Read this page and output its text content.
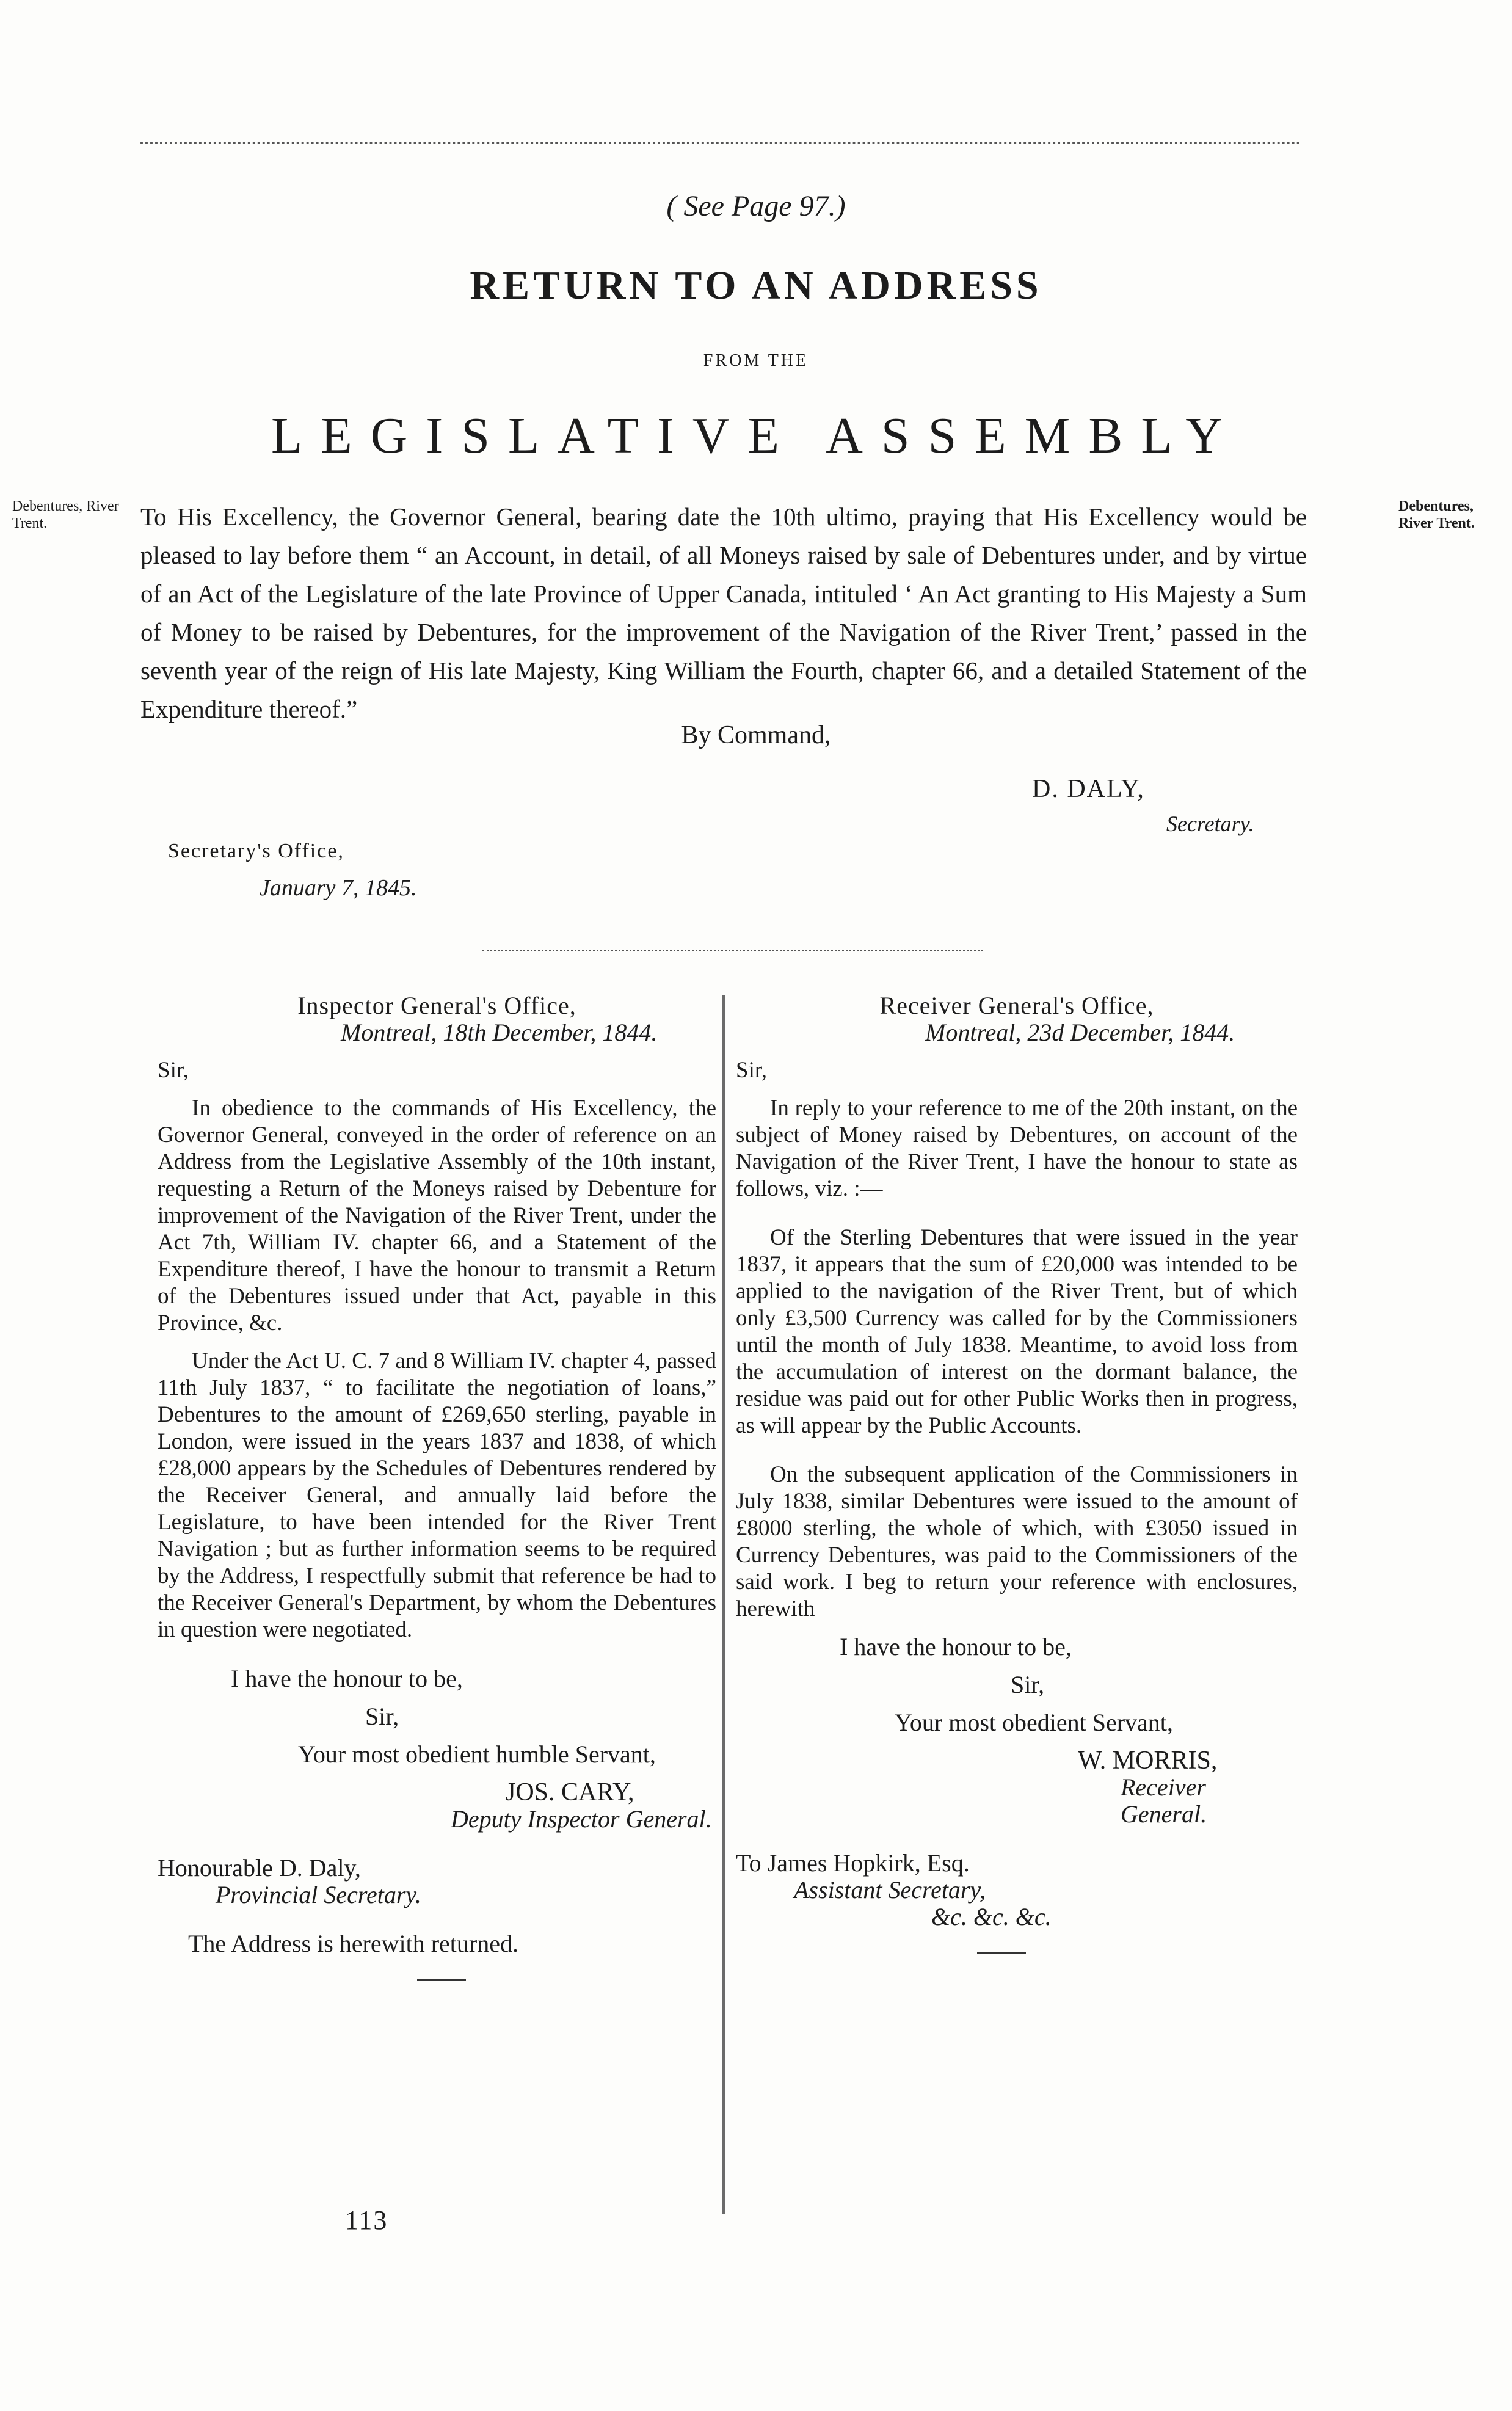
( See Page 97.)
RETURN TO AN ADDRESS
FROM THE
LEGISLATIVE ASSEMBLY
Debentures, River Trent.
Debentures, River Trent.

To His Excellency, the Governor General, bearing date the 10th ultimo, praying that His Excellency would be pleased to lay before them “ an Account, in detail, of all Moneys raised by sale of Debentures under, and by virtue of an Act of the Legislature of the late Province of Upper Canada, intituled ‘ An Act granting to His Majesty a Sum of Money to be raised by Debentures, for the improvement of the Navigation of the River Trent,’ passed in the seventh year of the reign of His late Majesty, King William the Fourth, chapter 66, and a detailed Statement of the Expenditure thereof.”

By Command,
D. DALY,
Secretary.
Secretary's Office,
January 7, 1845.
Inspector General's Office,
Montreal, 18th December, 1844.
Sir,

In obedience to the commands of His Excellency, the Governor General, conveyed in the order of reference on an Address from the Legislative Assembly of the 10th instant, requesting a Return of the Moneys raised by Debenture for improvement of the Navigation of the River Trent, under the Act 7th, William IV. chapter 66, and a Statement of the Expenditure thereof, I have the honour to transmit a Return of the Debentures issued under that Act, payable in this Province, &c.

Under the Act U. C. 7 and 8 William IV. chapter 4, passed 11th July 1837, “ to facilitate the negotiation of loans,” Debentures to the amount of £269,650 sterling, payable in London, were issued in the years 1837 and 1838, of which £28,000 appears by the Schedules of Debentures rendered by the Receiver General, and annually laid before the Legislature, to have been intended for the River Trent Navigation ; but as further information seems to be required by the Address, I respectfully submit that reference be had to the Receiver General's Department, by whom the Debentures in question were negotiated.

I have the honour to be,
Sir,
Your most obedient humble Servant,
JOS. CARY,
Deputy Inspector General.
Honourable D. Daly,
Provincial Secretary.
The Address is herewith returned.
Receiver General's Office,
Montreal, 23d December, 1844.
Sir,

In reply to your reference to me of the 20th instant, on the subject of Money raised by Debentures, on account of the Navigation of the River Trent, I have the honour to state as follows, viz. :—

Of the Sterling Debentures that were issued in the year 1837, it appears that the sum of £20,000 was intended to be applied to the navigation of the River Trent, but of which only £3,500 Currency was called for by the Commissioners until the month of July 1838. Meantime, to avoid loss from the accumulation of interest on the dormant balance, the residue was paid out for other Public Works then in progress, as will appear by the Public Accounts.

On the subsequent application of the Commissioners in July 1838, similar Debentures were issued to the amount of £8000 sterling, the whole of which, with £3050 issued in Currency Debentures, was paid to the Commissioners of the said work. I beg to return your reference with enclosures, herewith

I have the honour to be,
Sir,
Your most obedient Servant,
W. MORRIS,
Receiver General.
To James Hopkirk, Esq.
Assistant Secretary,
&c. &c. &c.
113
